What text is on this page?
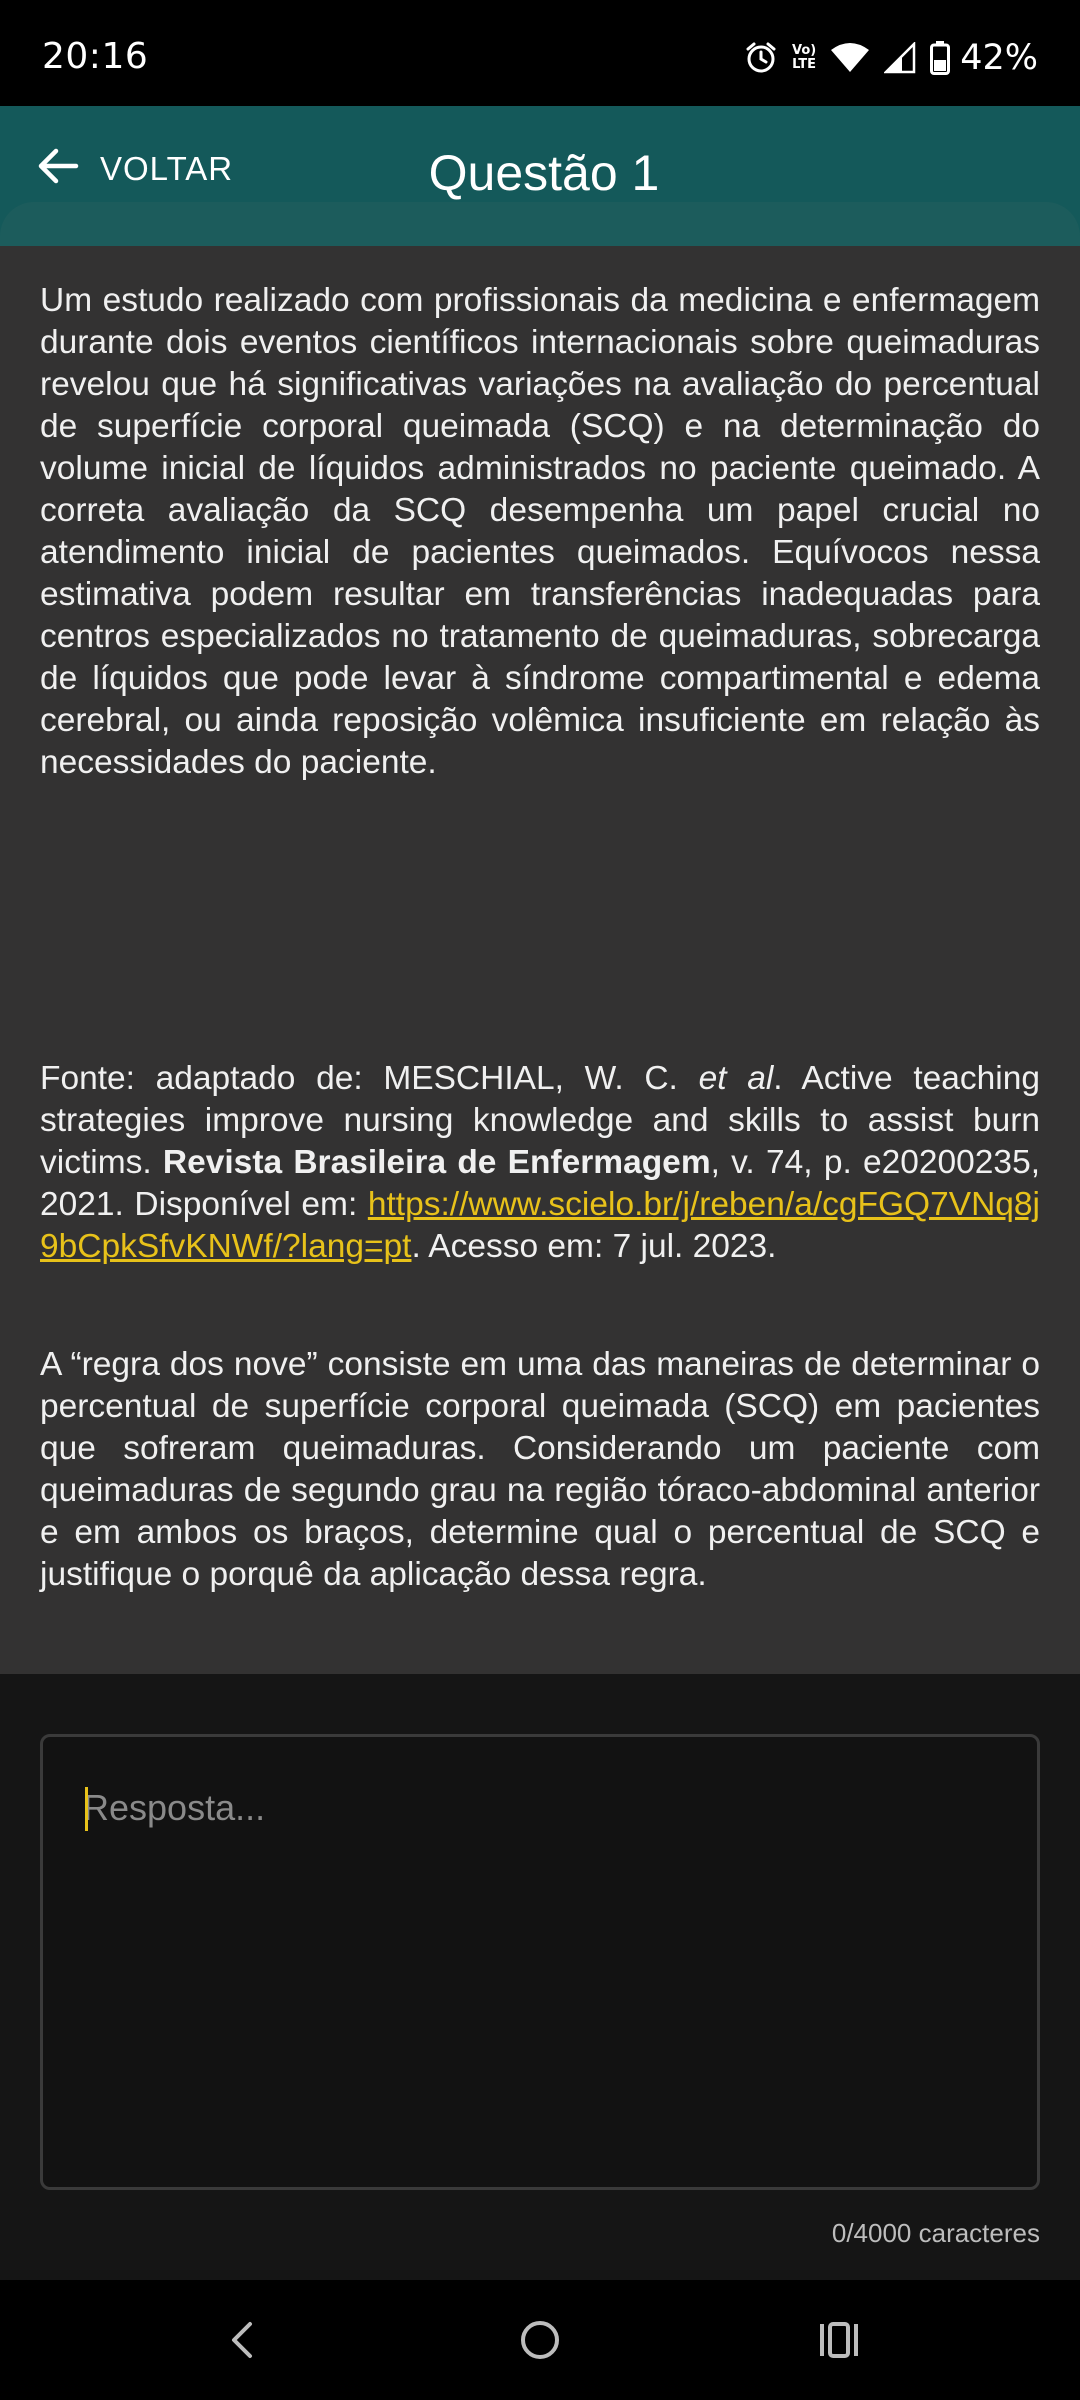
20:16	Vo)
LTE	42%
VOLTAR	Questão 1

Um estudo realizado com profissionais da medicina e enfermagem durante dois eventos científicos internacionais sobre queimaduras revelou que há significativas variações na avaliação do percentual de superfície corporal queimada (SCQ) e na determinação do volume inicial de líquidos administrados no paciente queimado. A correta avaliação da SCQ desempenha um papel crucial no atendimento inicial de pacientes queimados. Equívocos nessa estimativa podem resultar em transferências inadequadas para centros especializados no tratamento de queimaduras, sobrecarga de líquidos que pode levar à síndrome compartimental e edema cerebral, ou ainda reposição volêmica insuficiente em relação às necessidades do paciente.

Fonte: adaptado de: MESCHIAL, W. C. et al. Active teaching strategies improve nursing knowledge and skills to assist burn victims. Revista Brasileira de Enfermagem, v. 74, p. e20200235, 2021. Disponível em: https://www.scielo.br/j/reben/a/cgFGQ7VNq8j9bCpkSfvKNWf/?lang=pt. Acesso em: 7 jul. 2023.

A “regra dos nove” consiste em uma das maneiras de determinar o percentual de superfície corporal queimada (SCQ) em pacientes que sofreram queimaduras. Considerando um paciente com queimaduras de segundo grau na região tóraco-abdominal anterior e em ambos os braços, determine qual o percentual de SCQ e justifique o porquê da aplicação dessa regra.

Resposta...
0/4000 caracteres
